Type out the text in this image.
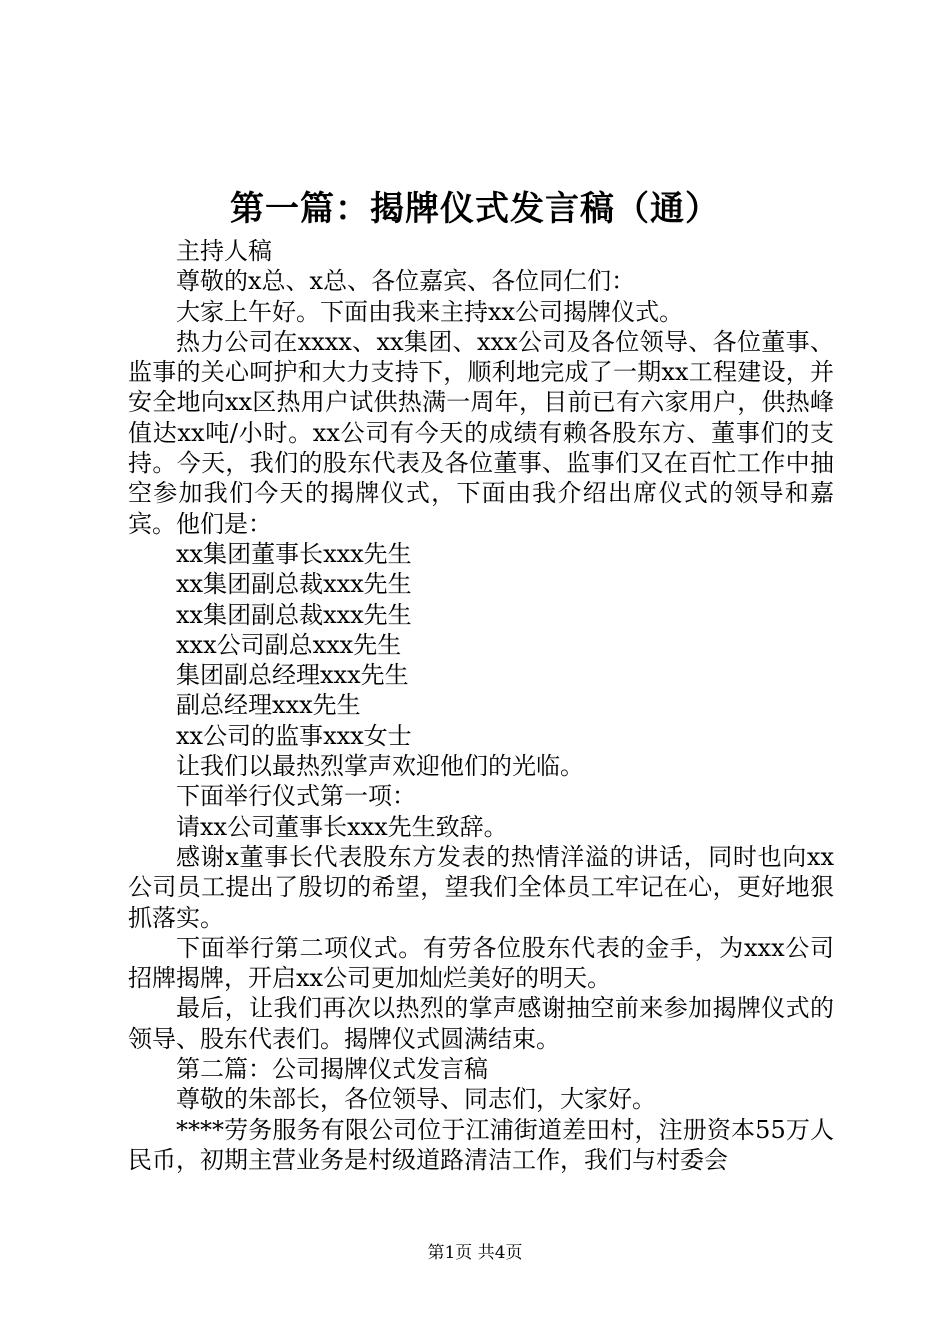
第一篇：揭牌仪式发言稿（通）

主持人稿

尊敬的x总、x总、各位嘉宾、各位同仁们：

大家上午好。下面由我来主持xx公司揭牌仪式。

热力公司在xxxx、xx集团、xxx公司及各位领导、各位董事、监事的关心呵护和大力支持下，顺利地完成了一期xx工程建设，并安全地向xx区热用户试供热满一周年，目前已有六家用户，供热峰值达xx吨/小时。xx公司有今天的成绩有赖各股东方、董事们的支持。今天，我们的股东代表及各位董事、监事们又在百忙工作中抽空参加我们今天的揭牌仪式，下面由我介绍出席仪式的领导和嘉宾。他们是：

xx集团董事长xxx先生

xx集团副总裁xxx先生

xx集团副总裁xxx先生

xxx公司副总xxx先生

集团副总经理xxx先生

副总经理xxx先生

xx公司的监事xxx女士

让我们以最热烈掌声欢迎他们的光临。

下面举行仪式第一项：

请xx公司董事长xxx先生致辞。

感谢x董事长代表股东方发表的热情洋溢的讲话，同时也向xx公司员工提出了殷切的希望，望我们全体员工牢记在心，更好地狠抓落实。

下面举行第二项仪式。有劳各位股东代表的金手，为xxx公司招牌揭牌，开启xx公司更加灿烂美好的明天。

最后，让我们再次以热烈的掌声感谢抽空前来参加揭牌仪式的领导、股东代表们。揭牌仪式圆满结束。

第二篇：公司揭牌仪式发言稿

尊敬的朱部长，各位领导、同志们，大家好。

****劳务服务有限公司位于江浦街道差田村，注册资本55万人民币，初期主营业务是村级道路清洁工作，我们与村委会

第1页 共4页
